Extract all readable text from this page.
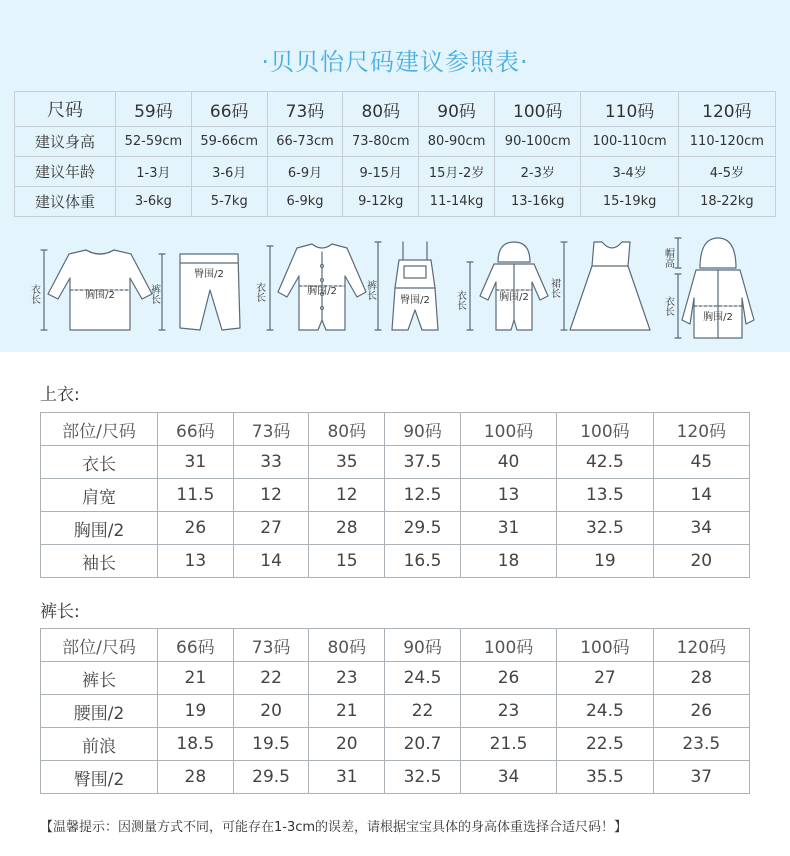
·贝贝怡尺码建议参照表·
尺码	59码	66码	73码	80码	90码	100码	110码	120码
建议身高	52-59cm	59-66cm	66-73cm	73-80cm	80-90cm	90-100cm	100-110cm	110-120cm
建议年龄	1-3月	3-6月	6-9月	9-15月	15月-2岁	2-3岁	3-4岁	4-5岁
建议体重	3-6kg	5-7kg	6-9kg	9-12kg	11-14kg	13-16kg	15-19kg	18-22kg
衣长	胸围/2	裤长
臀围/2
衣长	胸围/2	裤长
臀围/2 衣长	胸围/2 裙长
帽高
衣长
胸围/2
上衣:
部位/尺码	66码	73码	80码	90码	100码	100码	120码
衣长	31	33	35	37.5	40	42.5	45
肩宽	11.5	12	12	12.5	13	13.5	14
胸围/2	26	27	28	29.5	31	32.5	34
袖长	13	14	15	16.5	18	19	20
裤长:
部位/尺码	66码	73码	80码	90码	100码	100码	120码
裤长	21	22	23	24.5	26	27	28
腰围/2	19	20	21	22	23	24.5	26
前浪	18.5	19.5	20	20.7	21.5	22.5	23.5
臀围/2	28	29.5	31	32.5	34	35.5	37
【温馨提示：因测量方式不同，可能存在1-3cm的误差，请根据宝宝具体的身高体重选择合适尺码！】
